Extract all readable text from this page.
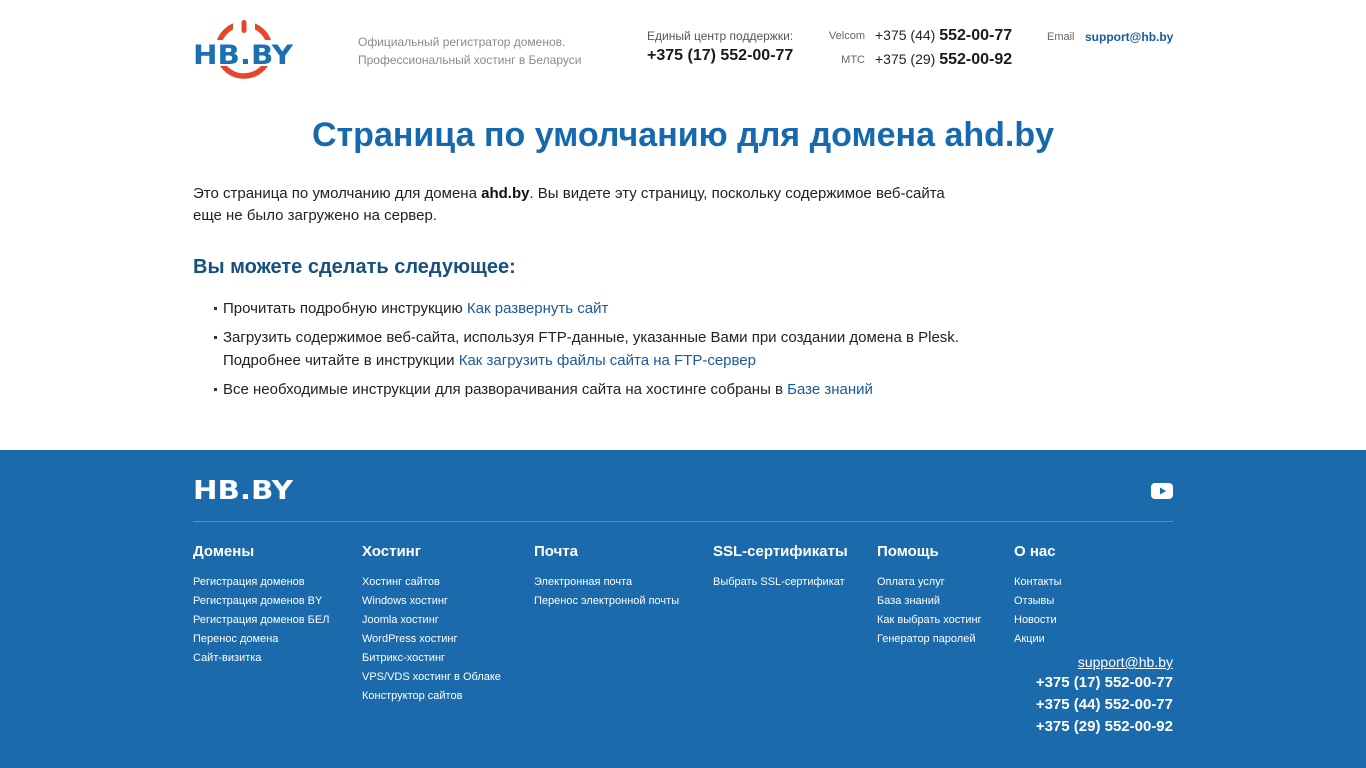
HB.BY	Официальный регистратор доменов.
Профессиональный хостинг в Беларуси
Единый центр поддержки:
+375 (17) 552-00-77
Velcom +375 (44) 552-00-77
МТС +375 (29) 552-00-92
Email support@hb.by
Страница по умолчанию для домена ahd.by

Это страница по умолчанию для домена ahd.by. Вы видете эту страницу, поскольку содержимое веб-сайта еще не было загружено на сервер.

Вы можете сделать следующее:
Прочитать подробную инструкцию Как развернуть сайт
Загрузить содержимое веб-сайта, используя FTP-данные, указанные Вами при создании домена в Plesk. Подробнее читайте в инструкции Как загрузить файлы сайта на FTP-сервер
Все необходимые инструкции для разворачивания сайта на хостинге собраны в Базе знаний
HB.BY
Домены
Регистрация доменов
Регистрация доменов BY
Регистрация доменов БЕЛ
Перенос домена
Сайт-визитка
Хостинг
Хостинг сайтов
Windows хостинг
Joomla хостинг
WordPress хостинг
Битрикс-хостинг
VPS/VDS хостинг в Облаке
Конструктор сайтов
Почта
Электронная почта
Перенос электронной почты
SSL-сертификаты
Выбрать SSL-сертификат
Помощь
Оплата услуг
База знаний
Как выбрать хостинг
Генератор паролей
О нас
Контакты
Отзывы
Новости
Акции
support@hb.by
+375 (17) 552-00-77
+375 (44) 552-00-77
+375 (29) 552-00-92
